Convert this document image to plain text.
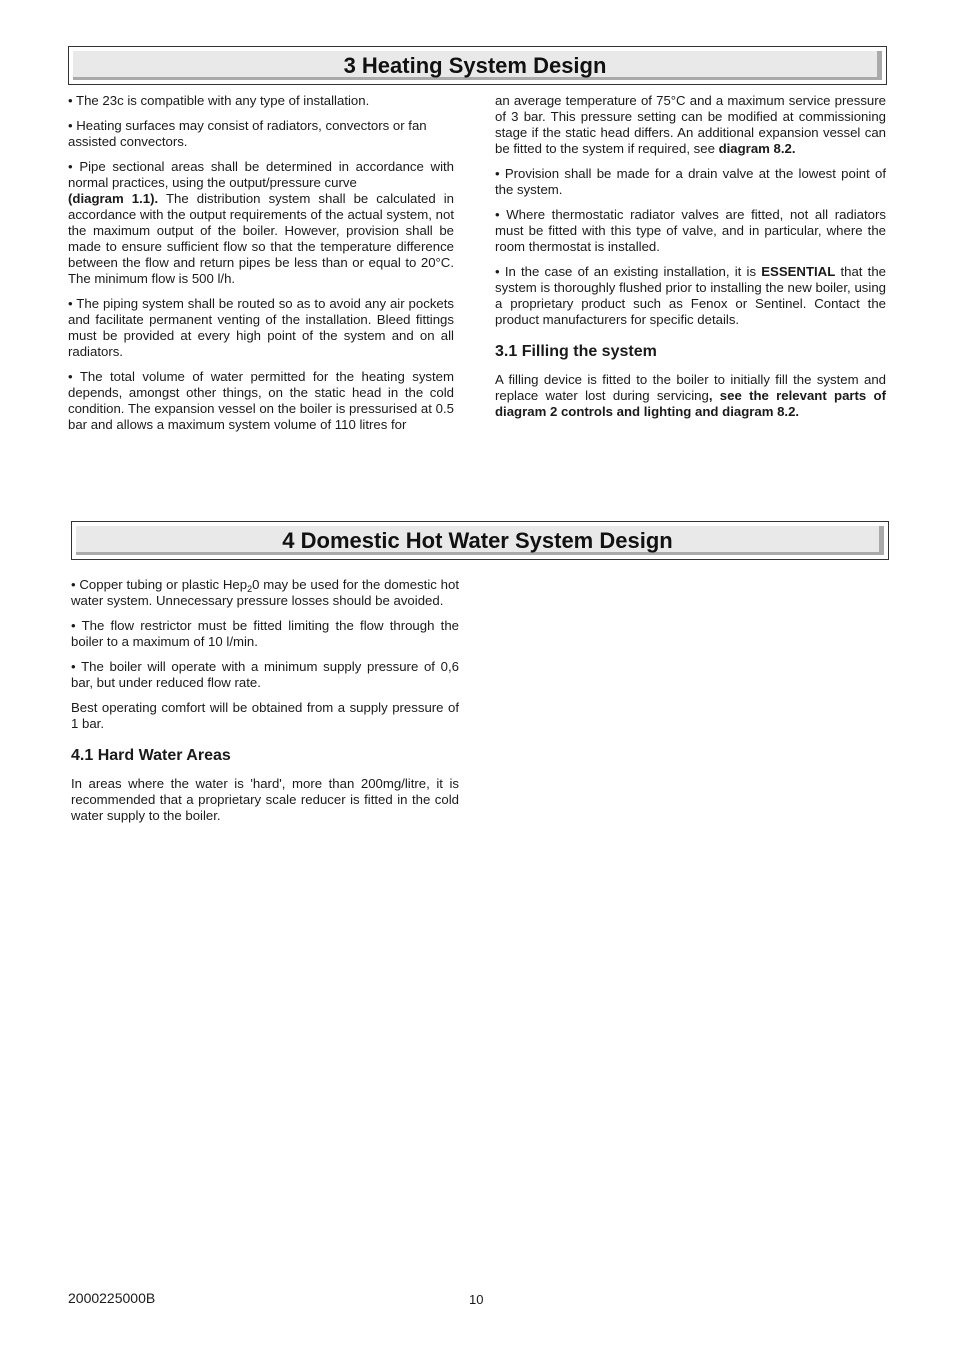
3 Heating System Design

• The 23c is compatible with any type of installation.

• Heating surfaces may consist of radiators, convectors or fan assisted convectors.

• Pipe sectional areas shall be determined in accordance with normal practices, using the output/pressure curve
(diagram 1.1). The distribution system shall be calculated in accordance with the output requirements of the actual system, not the maximum output of the boiler. However, provision shall be made to ensure sufficient flow so that the temperature difference between the flow and return pipes be less than or equal to 20°C. The minimum flow is 500 l/h.

• The piping system shall be routed so as to avoid any air pockets and facilitate permanent venting of the installation. Bleed fittings must be provided at every high point of the system and on all radiators.

• The total volume of water permitted for the heating system depends, amongst other things, on the static head in the cold condition. The expansion vessel on the boiler is pressurised at 0.5 bar and allows a maximum system volume of 110 litres for

an average temperature of 75°C and a maximum service pressure of 3 bar. This pressure setting can be modified at commissioning stage if the static head differs. An additional expansion vessel can be fitted to the system if required, see diagram 8.2.

• Provision shall be made for a drain valve at the lowest point of the system.

• Where thermostatic radiator valves are fitted, not all radiators must be fitted with this type of valve, and in particular, where the room thermostat is installed.

• In the case of an existing installation, it is ESSENTIAL that the system is thoroughly flushed prior to installing the new boiler, using a proprietary product such as Fenox or Sentinel. Contact the product manufacturers for specific details.

3.1 Filling the system

A filling device is fitted to the boiler to initially fill the system and replace water lost during servicing, see the relevant parts of diagram 2 controls and lighting and diagram 8.2.

4 Domestic Hot Water System Design

• Copper tubing or plastic Hep$_2$0 may be used for the domestic hot water system. Unnecessary pressure losses should be avoided.

• The flow restrictor must be fitted limiting the flow through the boiler to a maximum of 10 l/min.

• The boiler will operate with a minimum supply pressure of 0,6 bar, but under reduced flow rate.

Best operating comfort will be obtained from a supply pressure of 1 bar.

4.1 Hard Water Areas

In areas where the water is 'hard', more than 200mg/litre, it is recommended that a proprietary scale reducer is fitted in the cold water supply to the boiler.

2000225000B	10
